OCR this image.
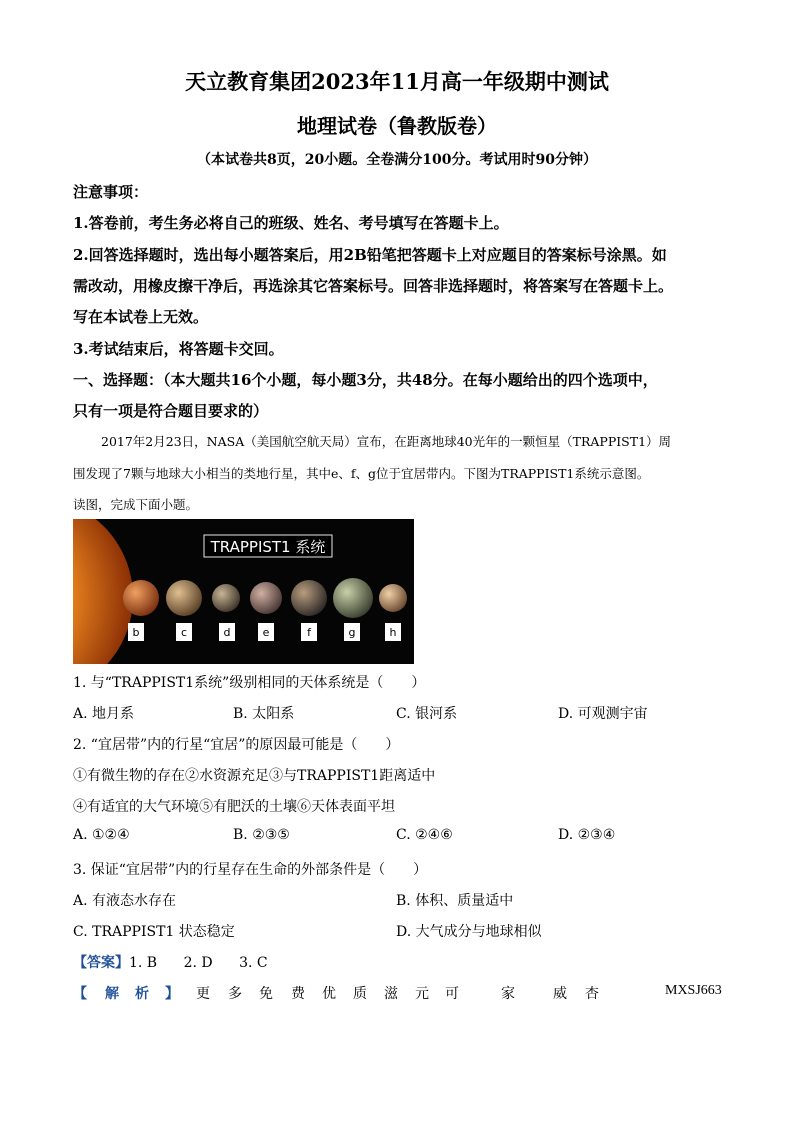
天立教育集团2023年11月高一年级期中测试
地理试卷（鲁教版卷）
（本试卷共8页，20小题。全卷满分100分。考试用时90分钟）
注意事项：
1.答卷前，考生务必将自己的班级、姓名、考号填写在答题卡上。
2.回答选择题时，选出每小题答案后，用2B铅笔把答题卡上对应题目的答案标号涂黑。如
需改动，用橡皮擦干净后，再选涂其它答案标号。回答非选择题时，将答案写在答题卡上。
写在本试卷上无效。
3.考试结束后，将答题卡交回。
一、选择题：（本大题共16个小题，每小题3分，共48分。在每小题给出的四个选项中，
只有一项是符合题目要求的）
2017年2月23日，NASA（美国航空航天局）宣布，在距离地球40光年的一颗恒星（TRAPPIST1）周
围发现了7颗与地球大小相当的类地行星，其中e、f、g位于宜居带内。下图为TRAPPIST1系统示意图。
读图，完成下面小题。
TRAPPIST1 系统
b	c	d	e	f	g	h
1. 与“TRAPPIST1系统”级别相同的天体系统是（　　）
A. 地月系	B. 太阳系	C. 银河系	D. 可观测宇宙
2. “宜居带”内的行星“宜居”的原因最可能是（　　）
①有微生物的存在②水资源充足③与TRAPPIST1距离适中
④有适宜的大气环境⑤有肥沃的土壤⑥天体表面平坦
A. ①②④	B. ②③⑤	C. ②④⑥	D. ②③④
3. 保证“宜居带”内的行星存在生命的外部条件是（　　）
A. 有液态水存在	B. 体积、质量适中
C. TRAPPIST1 状态稳定	D. 大气成分与地球相似
【答案】1. B 2. D 3. C
【 解 析 】 更 多 免 费 优 质 滋 元 可	家	威 杏	MXSJ663
